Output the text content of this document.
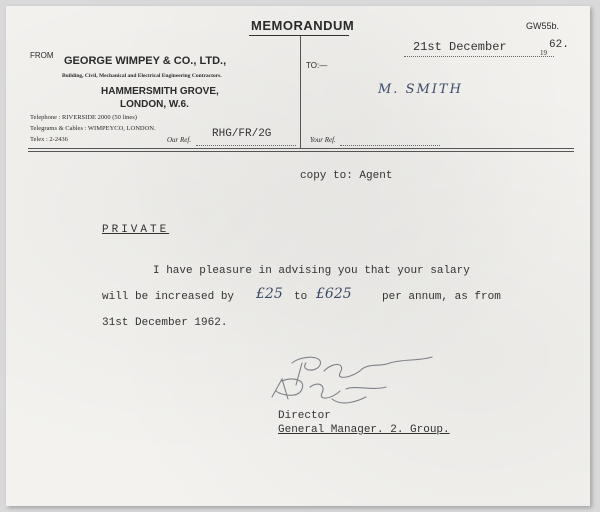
MEMORANDUM	GW55b.
FROM GEORGE WIMPEY & CO., LTD.,
Building, Civil, Mechanical and Electrical Engineering Contractors.
HAMMERSMITH GROVE,
LONDON, W.6.
Telephone : RIVERSIDE 2000 (50 lines)
Telegrams & Cables : WIMPEYCO, LONDON.
Telex : 2-2436	Our Ref. RHG/FR/2G
21st December	19
62.
TO:—
M. SMITH
Your Ref.
copy to: Agent
PRIVATE
I have pleasure in advising you that your salary
will be increased by £25 to £625	per annum, as from
31st December 1962.
Director
General Manager. 2. Group.
